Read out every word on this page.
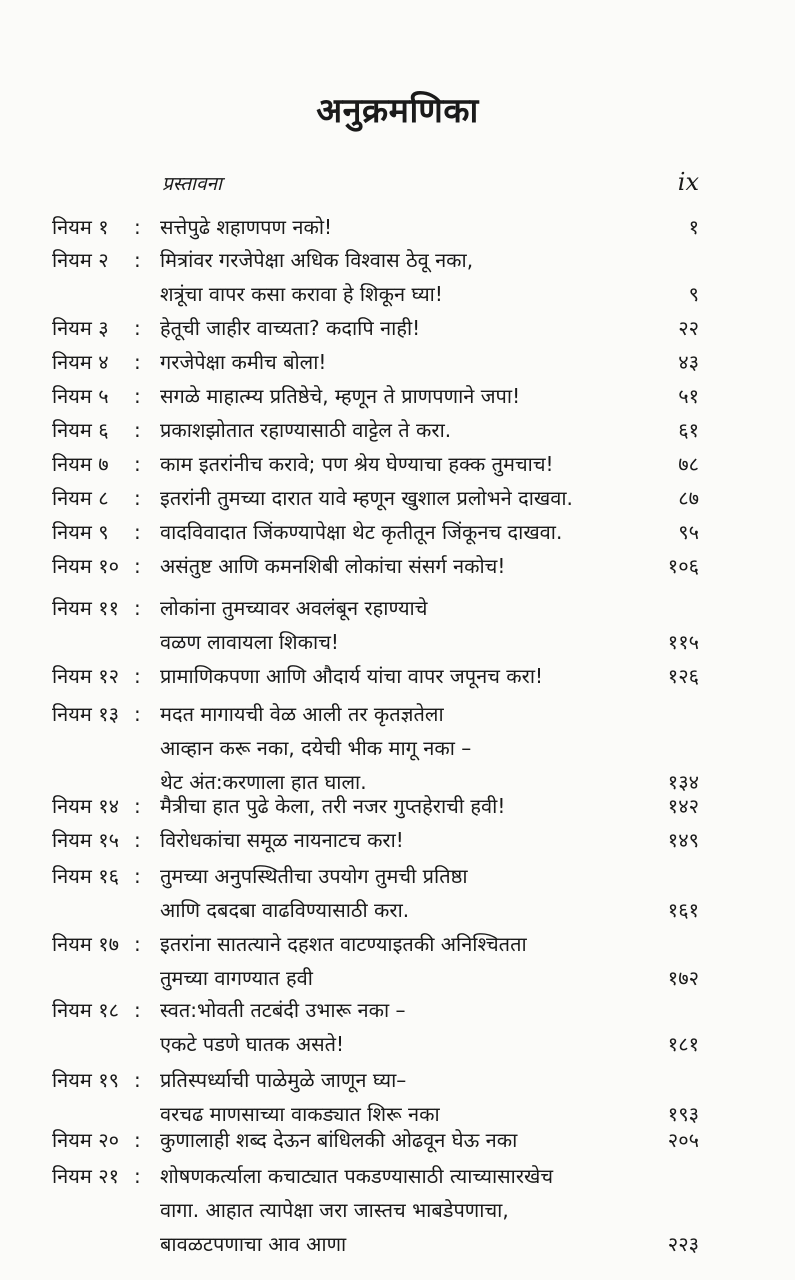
अनुक्रमणिका
प्रस्तावना	ix
नियम १	: सत्तेपुढे शहाणपण नको!	१
नियम २	: मित्रांवर गरजेपेक्षा अधिक विश्वास ठेवू नका,
शत्रूंचा वापर कसा करावा हे शिकून घ्या!	९
नियम ३	: हेतूची जाहीर वाच्यता? कदापि नाही!	२२
नियम ४	: गरजेपेक्षा कमीच बोला!	४३
नियम ५	: सगळे माहात्म्य प्रतिष्ठेचे, म्हणून ते प्राणपणाने जपा!	५१
नियम ६	: प्रकाशझोतात रहाण्यासाठी वाट्टेल ते करा.	६१
नियम ७	: काम इतरांनीच करावे; पण श्रेय घेण्याचा हक्क तुमचाच!	७८
नियम ८	: इतरांनी तुमच्या दारात यावे म्हणून खुशाल प्रलोभने दाखवा.	८७
नियम ९	: वादविवादात जिंकण्यापेक्षा थेट कृतीतून जिंकूनच दाखवा.	९५
नियम १० : असंतुष्ट आणि कमनशिबी लोकांचा संसर्ग नकोच!	१०६
नियम ११ : लोकांना तुमच्यावर अवलंबून रहाण्याचे
वळण लावायला शिकाच!	११५
नियम १२ : प्रामाणिकपणा आणि औदार्य यांचा वापर जपूनच करा!	१२६
नियम १३ : मदत मागायची वेळ आली तर कृतज्ञतेला
आव्हान करू नका, दयेची भीक मागू नका –
थेट अंत:करणाला हात घाला.	१३४
नियम १४ : मैत्रीचा हात पुढे केला, तरी नजर गुप्तहेराची हवी!	१४२
नियम १५ : विरोधकांचा समूळ नायनाटच करा!	१४९
नियम १६ : तुमच्या अनुपस्थितीचा उपयोग तुमची प्रतिष्ठा
आणि दबदबा वाढविण्यासाठी करा.	१६१
नियम १७ : इतरांना सातत्याने दहशत वाटण्याइतकी अनिश्चितता
तुमच्या वागण्यात हवी	१७२
नियम १८ : स्वत:भोवती तटबंदी उभारू नका –
एकटे पडणे घातक असते!	१८१
नियम १९ : प्रतिस्पर्ध्याची पाळेमुळे जाणून घ्या–
वरचढ माणसाच्या वाकड्यात शिरू नका	१९३
नियम २० : कुणालाही शब्द देऊन बांधिलकी ओढवून घेऊ नका	२०५
नियम २१ : शोषणकर्त्याला कचाट्यात पकडण्यासाठी त्याच्यासारखेच
वागा. आहात त्यापेक्षा जरा जास्तच भाबडेपणाचा,
बावळटपणाचा आव आणा	२२३
